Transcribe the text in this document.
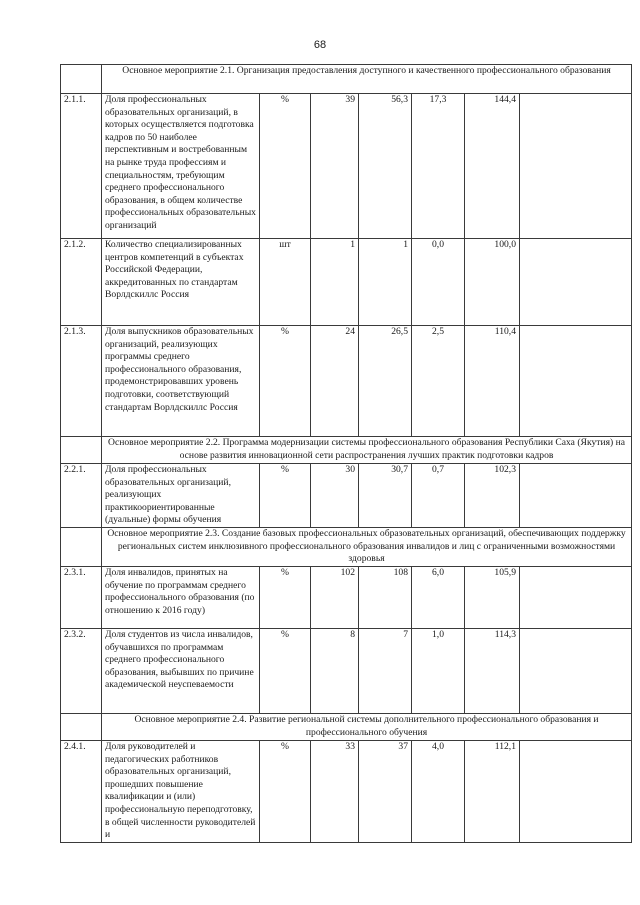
68
	Основное мероприятие 2.1. Организация предоставления доступного и качественного профессионального образования						
2.1.1.	Доля профессиональных образовательных организаций, в которых осуществляется подготовка кадров по 50 наиболее перспективным и востребованным на рынке труда профессиям и специальностям, требующим среднего профессионального образования, в общем количестве профессиональных образовательных организаций	%	39	56,3	17,3	144,4	
2.1.2.	Количество специализированных центров компетенций в субъектах Российской Федерации, аккредитованных по стандартам Ворлдскиллс Россия	шт	1	1	0,0	100,0	
2.1.3.	Доля выпускников образовательных организаций, реализующих программы среднего профессионального образования, продемонстрировавших уровень подготовки, соответствующий стандартам Ворлдскиллс Россия	%	24	26,5	2,5	110,4	
	Основное мероприятие 2.2. Программа модернизации системы профессионального образования Республики Саха (Якутия) на основе развития инновационной сети распространения лучших практик подготовки кадров						
2.2.1.	Доля профессиональных образовательных организаций, реализующих практикоориентированные (дуальные) формы обучения	%	30	30,7	0,7	102,3	
	Основное мероприятие 2.3. Создание базовых профессиональных образовательных организаций, обеспечивающих поддержку региональных систем инклюзивного профессионального образования инвалидов и лиц с ограниченными возможностями здоровья						
2.3.1.	Доля инвалидов, принятых на обучение по программам среднего профессионального образования (по отношению к 2016 году)	%	102	108	6,0	105,9	
2.3.2.	Доля студентов из числа инвалидов, обучавшихся по программам среднего профессионального образования, выбывших по причине академической неуспеваемости	%	8	7	1,0	114,3	
	Основное мероприятие 2.4. Развитие региональной системы дополнительного профессионального образования и профессионального обучения						
2.4.1.	Доля руководителей и педагогических работников образовательных организаций, прошедших повышение квалификации и (или) профессиональную переподготовку, в общей численности руководителей и	%	33	37	4,0	112,1	
